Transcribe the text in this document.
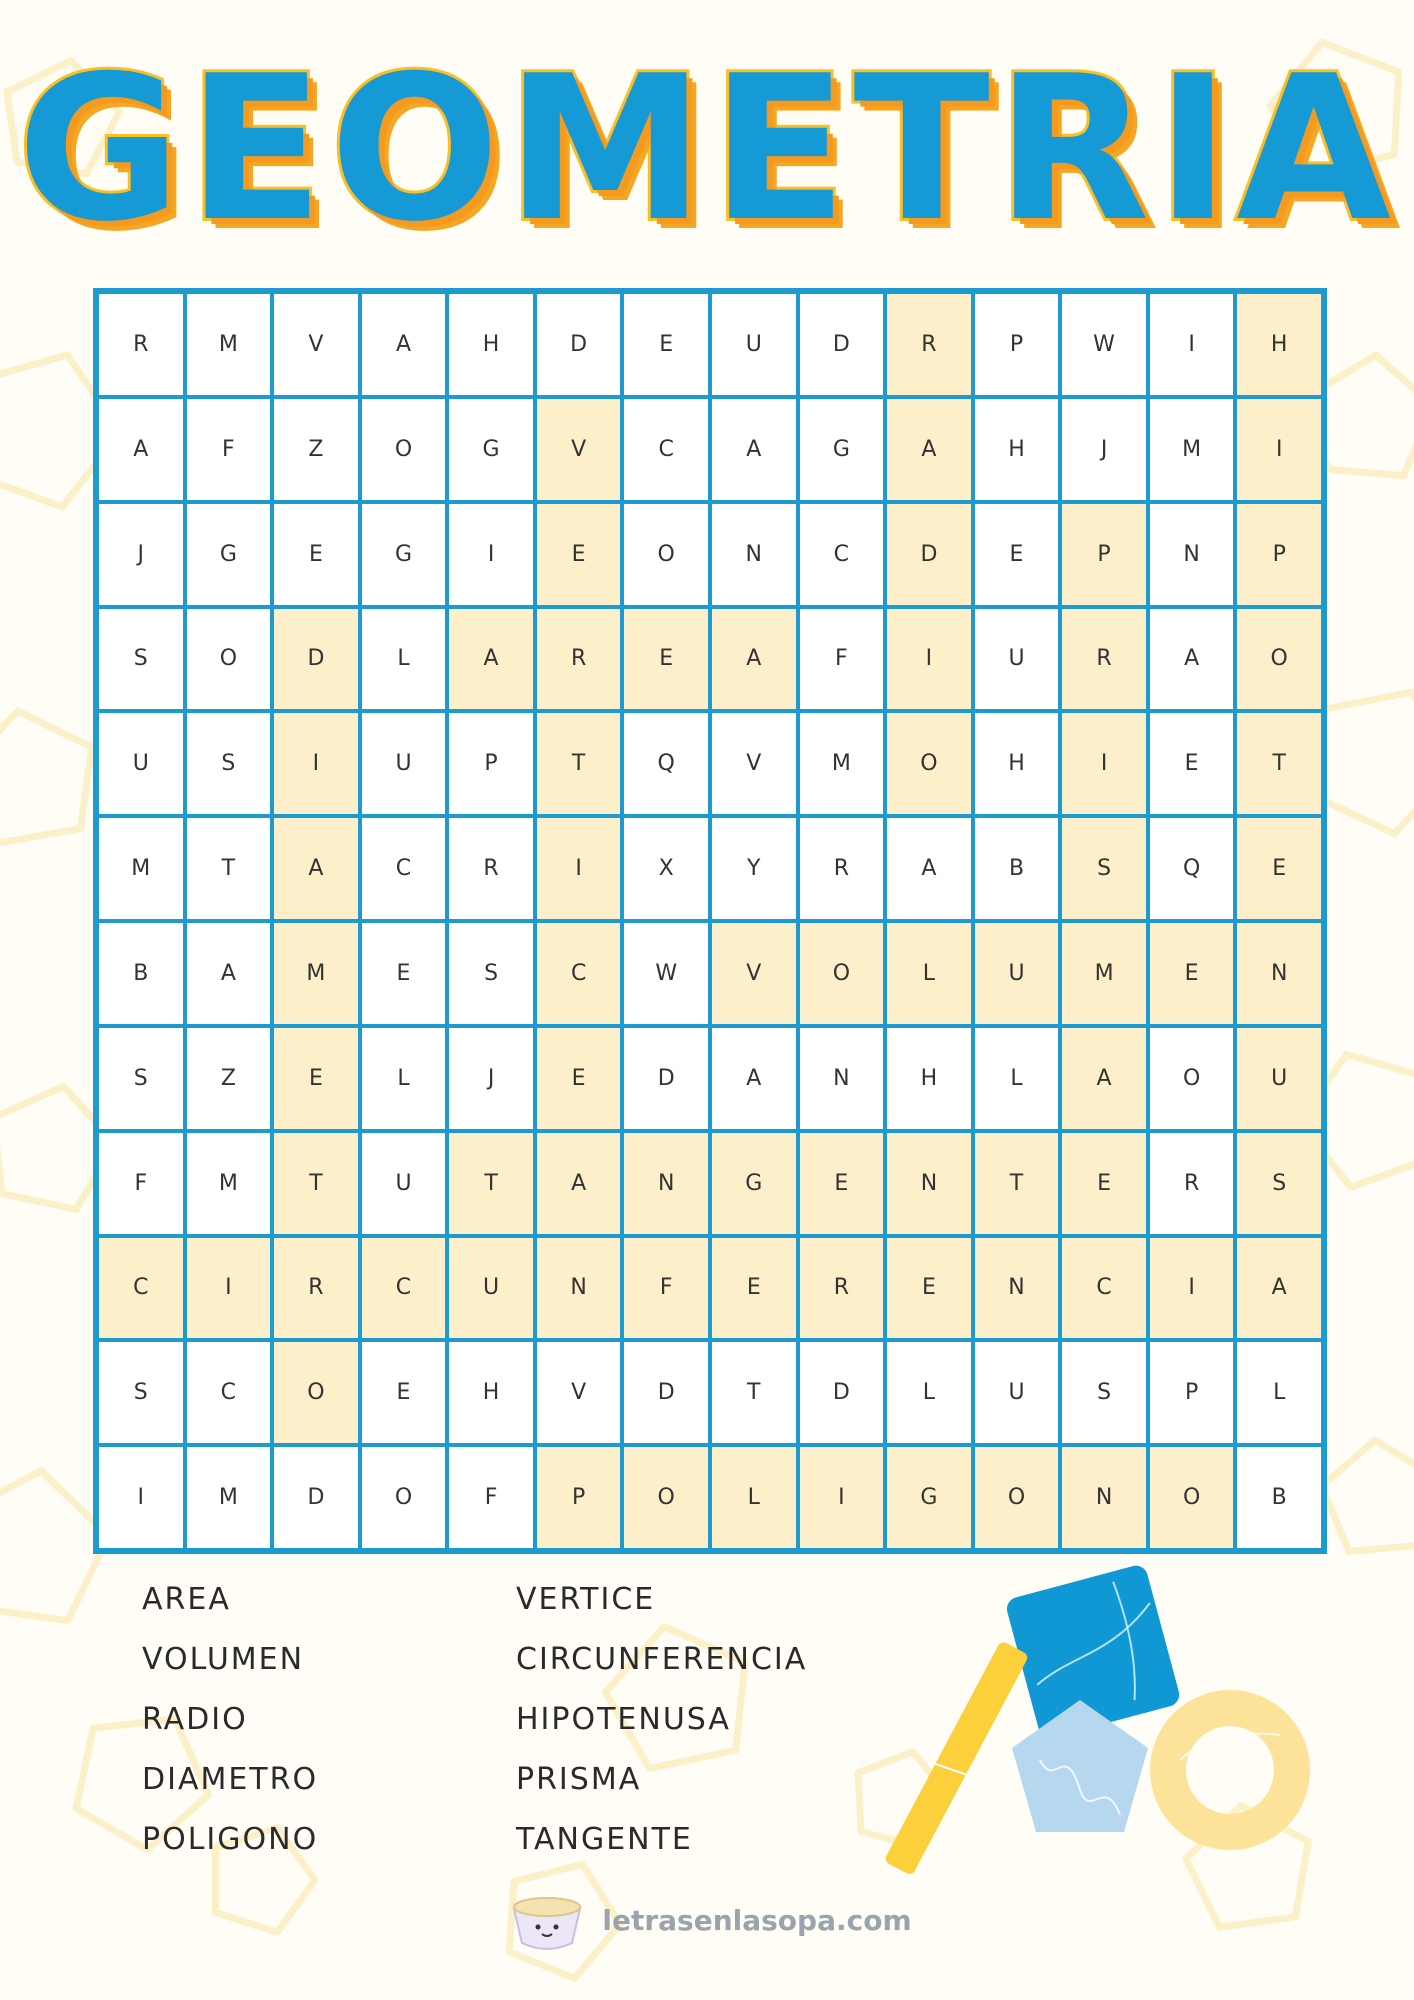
GEOMETRIA
R	M	V	A	H	D	E	U	D	R	P	W	I	H
A	F	Z	O	G	V	C	A	G	A	H	J	M	I
J	G	E	G	I	E	O	N	C	D	E	P	N	P
S	O	D	L	A	R	E	A	F	I	U	R	A	O
U	S	I	U	P	T	Q	V	M	O	H	I	E	T
M	T	A	C	R	I	X	Y	R	A	B	S	Q	E
B	A	M	E	S	C	W	V	O	L	U	M	E	N
S	Z	E	L	J	E	D	A	N	H	L	A	O	U
F	M	T	U	T	A	N	G	E	N	T	E	R	S
C	I	R	C	U	N	F	E	R	E	N	C	I	A
S	C	O	E	H	V	D	T	D	L	U	S	P	L
I	M	D	O	F	P	O	L	I	G	O	N	O	B
AREA
VOLUMEN
RADIO
DIAMETRO
POLIGONO
VERTICE
CIRCUNFERENCIA
HIPOTENUSA
PRISMA
TANGENTE
letrasenlasopa.com
